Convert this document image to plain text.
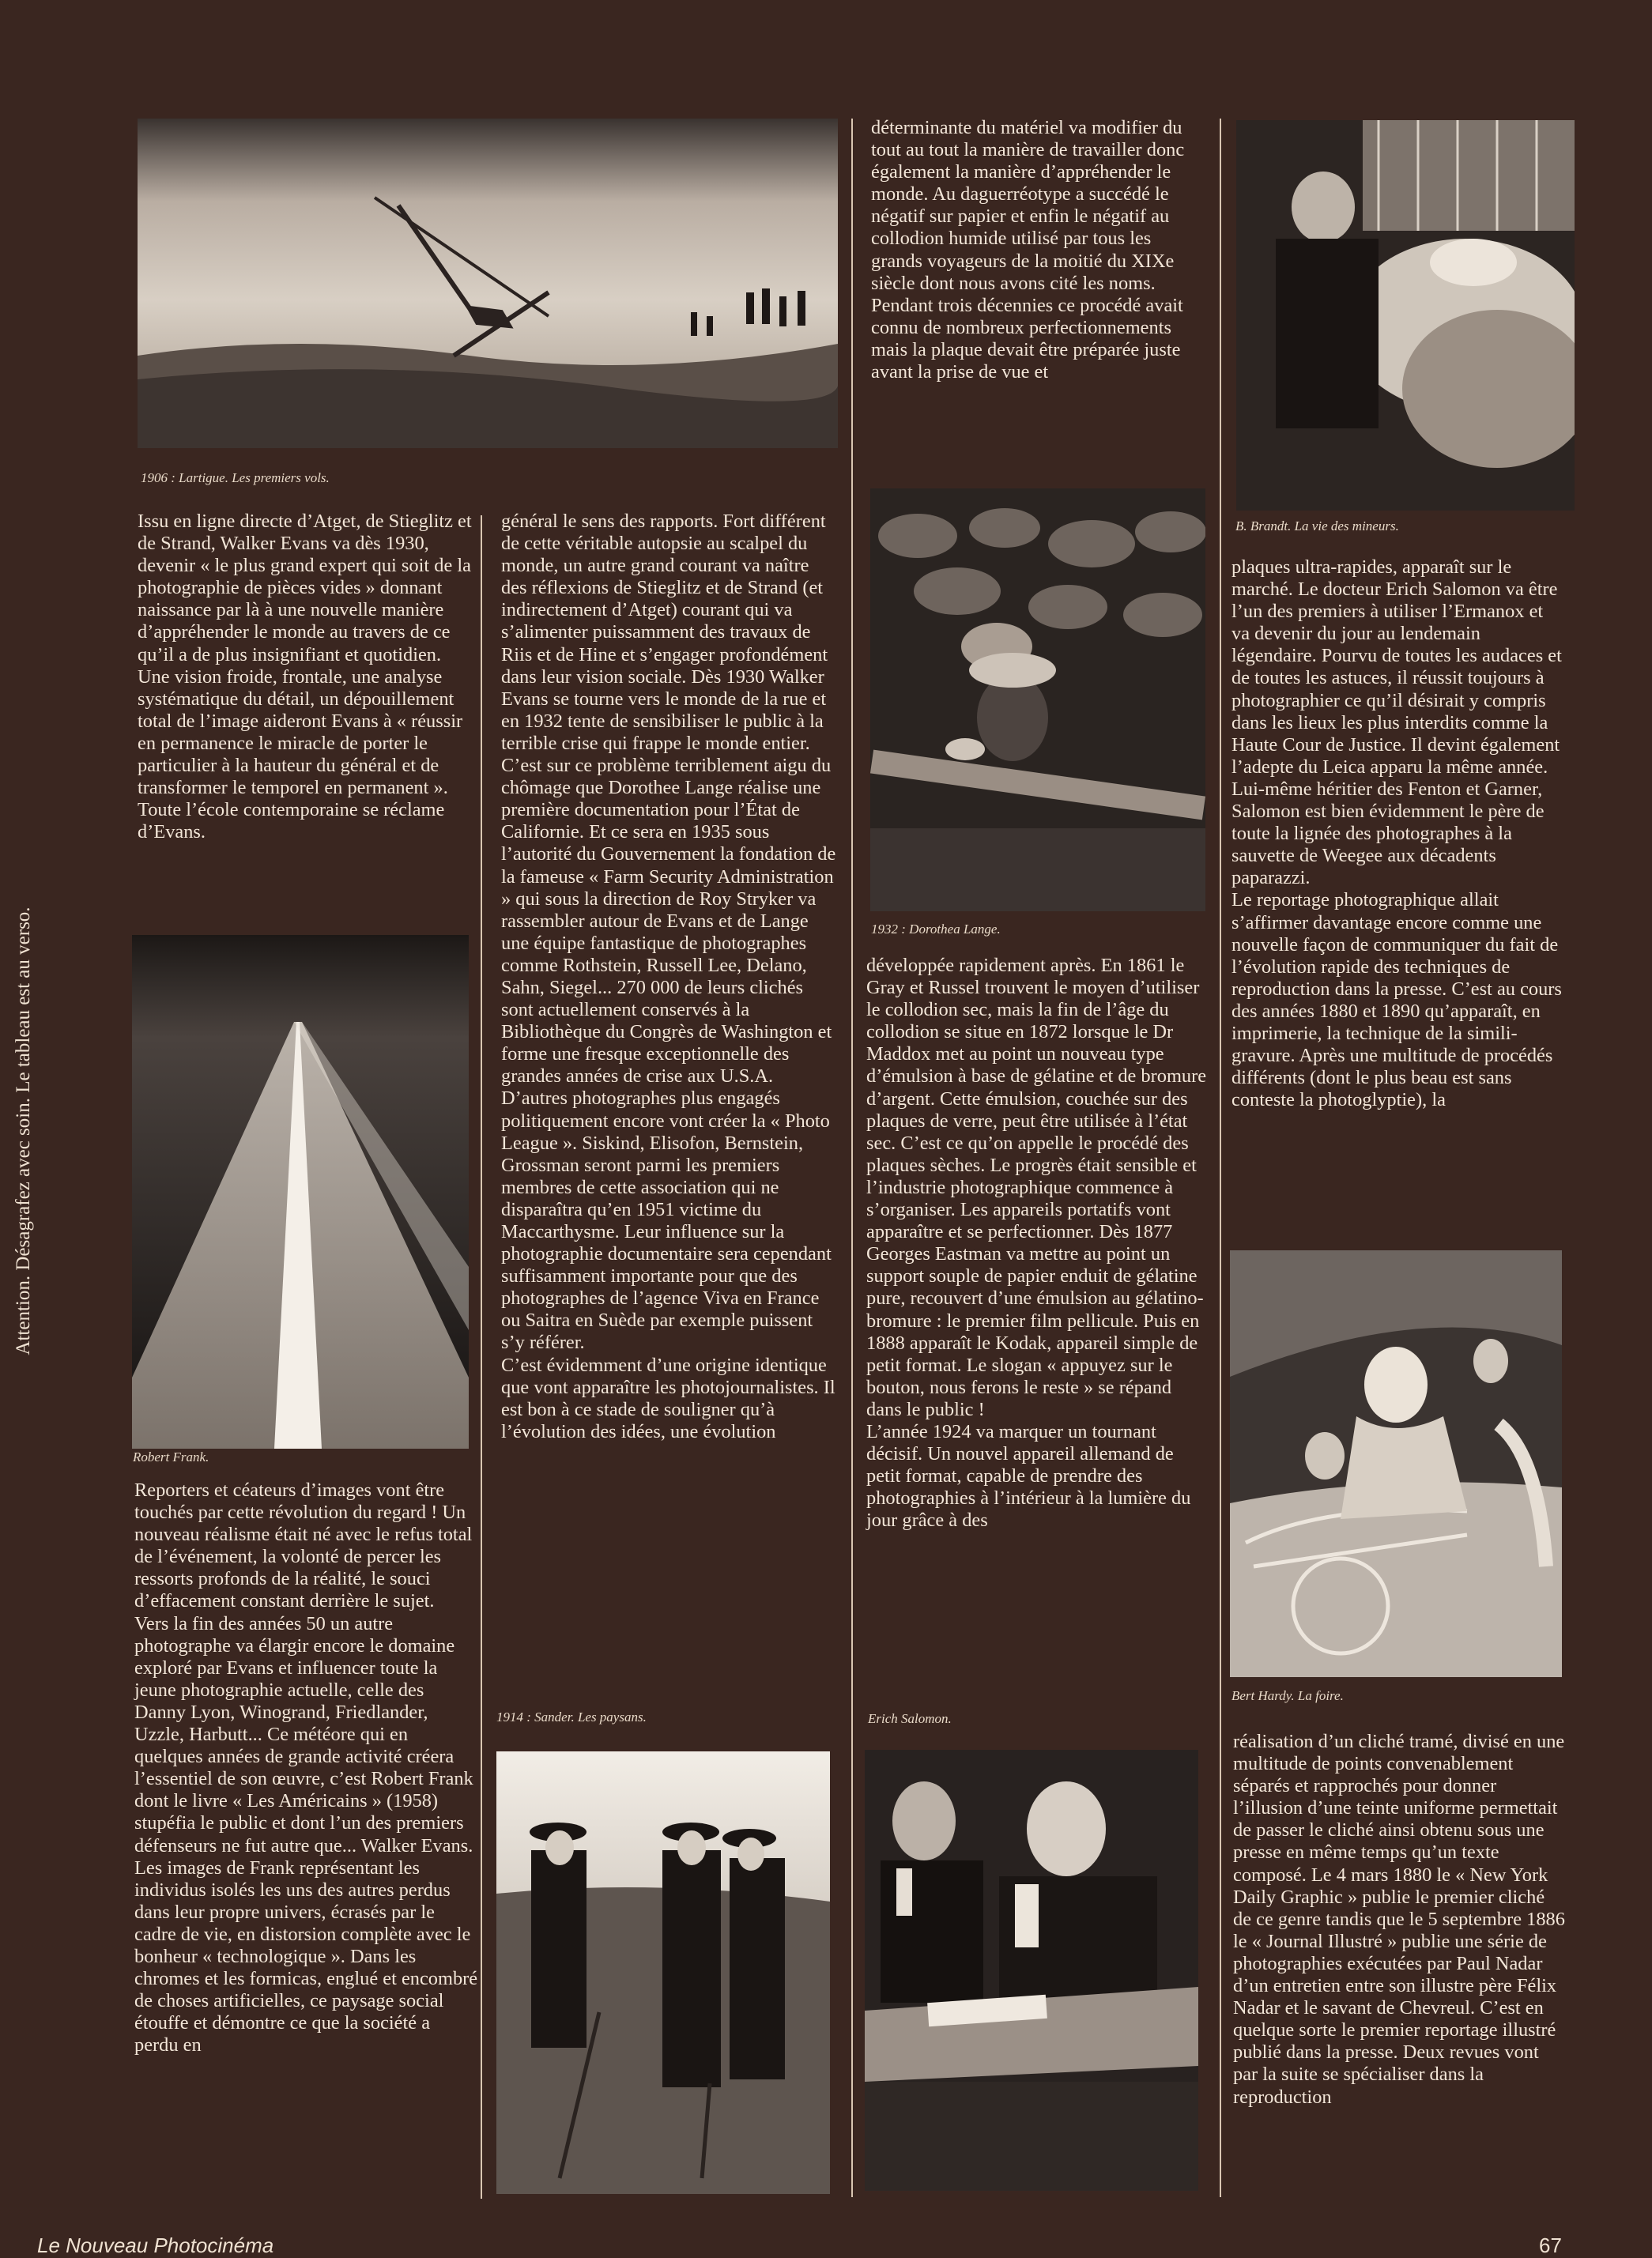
Attention. Désagrafez avec soin. Le tableau est au verso.
1906 : Lartigue. Les premiers vols.
B. Brandt. La vie des mineurs.
1932 : Dorothea Lange.
Robert Frank.
Bert Hardy. La foire.
1914 : Sander. Les paysans.	Erich Salomon.

Issu en ligne directe d’Atget, de Stieglitz et de Strand, Walker Evans va dès 1930, devenir « le plus grand expert qui soit de la photographie de pièces vides » donnant naissance par là à une nouvelle manière d’appréhender le monde au travers de ce qu’il a de plus insignifiant et quotidien. Une vision froide, frontale, une analyse systématique du détail, un dépouillement total de l’image aideront Evans à « réussir en permanence le miracle de porter le particulier à la hauteur du général et de transformer le temporel en permanent ». Toute l’école contemporaine se réclame d’Evans.

Reporters et céateurs d’images vont être touchés par cette révolution du regard ! Un nouveau réalisme était né avec le refus total de l’événement, la volonté de percer les ressorts profonds de la réalité, le souci d’effacement constant derrière le sujet.

Vers la fin des années 50 un autre photographe va élargir encore le domaine exploré par Evans et influencer toute la jeune photographie actuelle, celle des Danny Lyon, Winogrand, Friedlander, Uzzle, Harbutt... Ce météore qui en quelques années de grande activité créera l’essentiel de son œuvre, c’est Robert Frank dont le livre « Les Américains » (1958) stupéfia le public et dont l’un des premiers défenseurs ne fut autre que... Walker Evans. Les images de Frank représentant les individus isolés les uns des autres perdus dans leur propre univers, écrasés par le cadre de vie, en distorsion complète avec le bonheur « technologique ». Dans les chromes et les formicas, englué et encombré de choses artificielles, ce paysage social étouffe et démontre ce que la société a perdu en

général le sens des rapports. Fort différent de cette véritable autopsie au scalpel du monde, un autre grand courant va naître des réflexions de Stieglitz et de Strand (et indirectement d’Atget) courant qui va s’alimenter puissamment des travaux de Riis et de Hine et s’engager profondément dans leur vision sociale. Dès 1930 Walker Evans se tourne vers le monde de la rue et en 1932 tente de sensibiliser le public à la terrible crise qui frappe le monde entier.

C’est sur ce problème terriblement aigu du chômage que Dorothee Lange réalise une première documentation pour l’État de Californie. Et ce sera en 1935 sous l’autorité du Gouvernement la fondation de la fameuse « Farm Security Administration » qui sous la direction de Roy Stryker va rassembler autour de Evans et de Lange une équipe fantastique de photographes comme Rothstein, Russell Lee, Delano, Sahn, Siegel... 270 000 de leurs clichés sont actuellement conservés à la Bibliothèque du Congrès de Washington et forme une fresque exceptionnelle des grandes années de crise aux U.S.A.

D’autres photographes plus engagés politiquement encore vont créer la « Photo League ». Siskind, Elisofon, Bernstein, Grossman seront parmi les premiers membres de cette association qui ne disparaîtra qu’en 1951 victime du Maccarthysme. Leur influence sur la photographie documentaire sera cependant suffisamment importante pour que des photographes de l’agence Viva en France ou Saitra en Suède par exemple puissent s’y référer.

C’est évidemment d’une origine identique que vont apparaître les photojournalistes. Il est bon à ce stade de souligner qu’à l’évolution des idées, une évolution

déterminante du matériel va modifier du tout au tout la manière de travailler donc également la manière d’appréhender le monde. Au daguerréotype a succédé le négatif sur papier et enfin le négatif au collodion humide utilisé par tous les grands voyageurs de la moitié du XIXe siècle dont nous avons cité les noms. Pendant trois décennies ce procédé avait connu de nombreux perfectionnements mais la plaque devait être préparée juste avant la prise de vue et

développée rapidement après. En 1861 le Gray et Russel trouvent le moyen d’utiliser le collodion sec, mais la fin de l’âge du collodion se situe en 1872 lorsque le Dr Maddox met au point un nouveau type d’émulsion à base de gélatine et de bromure d’argent. Cette émulsion, couchée sur des plaques de verre, peut être utilisée à l’état sec. C’est ce qu’on appelle le procédé des plaques sèches. Le progrès était sensible et l’industrie photographique commence à s’organiser. Les appareils portatifs vont apparaître et se perfectionner. Dès 1877 Georges Eastman va mettre au point un support souple de papier enduit de gélatine pure, recouvert d’une émulsion au gélatino-bromure : le premier film pellicule. Puis en 1888 apparaît le Kodak, appareil simple de petit format. Le slogan « appuyez sur le bouton, nous ferons le reste » se répand dans le public !

L’année 1924 va marquer un tournant décisif. Un nouvel appareil allemand de petit format, capable de prendre des photographies à l’intérieur à la lumière du jour grâce à des

plaques ultra-rapides, apparaît sur le marché. Le docteur Erich Salomon va être l’un des premiers à utiliser l’Ermanox et va devenir du jour au lendemain légendaire. Pourvu de toutes les audaces et de toutes les astuces, il réussit toujours à photographier ce qu’il désirait y compris dans les lieux les plus interdits comme la Haute Cour de Justice. Il devint également l’adepte du Leica apparu la même année. Lui-même héritier des Fenton et Garner, Salomon est bien évidemment le père de toute la lignée des photographes à la sauvette de Weegee aux décadents paparazzi.

Le reportage photographique allait s’affirmer davantage encore comme une nouvelle façon de communiquer du fait de l’évolution rapide des techniques de reproduction dans la presse. C’est au cours des années 1880 et 1890 qu’apparaît, en imprimerie, la technique de la simili-gravure. Après une multitude de procédés différents (dont le plus beau est sans conteste la photoglyptie), la

réalisation d’un cliché tramé, divisé en une multitude de points convenablement séparés et rapprochés pour donner l’illusion d’une teinte uniforme permettait de passer le cliché ainsi obtenu sous une presse en même temps qu’un texte composé. Le 4 mars 1880 le « New York Daily Graphic » publie le premier cliché de ce genre tandis que le 5 septembre 1886 le « Journal Illustré » publie une série de photographies exécutées par Paul Nadar d’un entretien entre son illustre père Félix Nadar et le savant de Chevreul. C’est en quelque sorte le premier reportage illustré publié dans la presse. Deux revues vont par la suite se spécialiser dans la reproduction

Le Nouveau Photocinéma	67
